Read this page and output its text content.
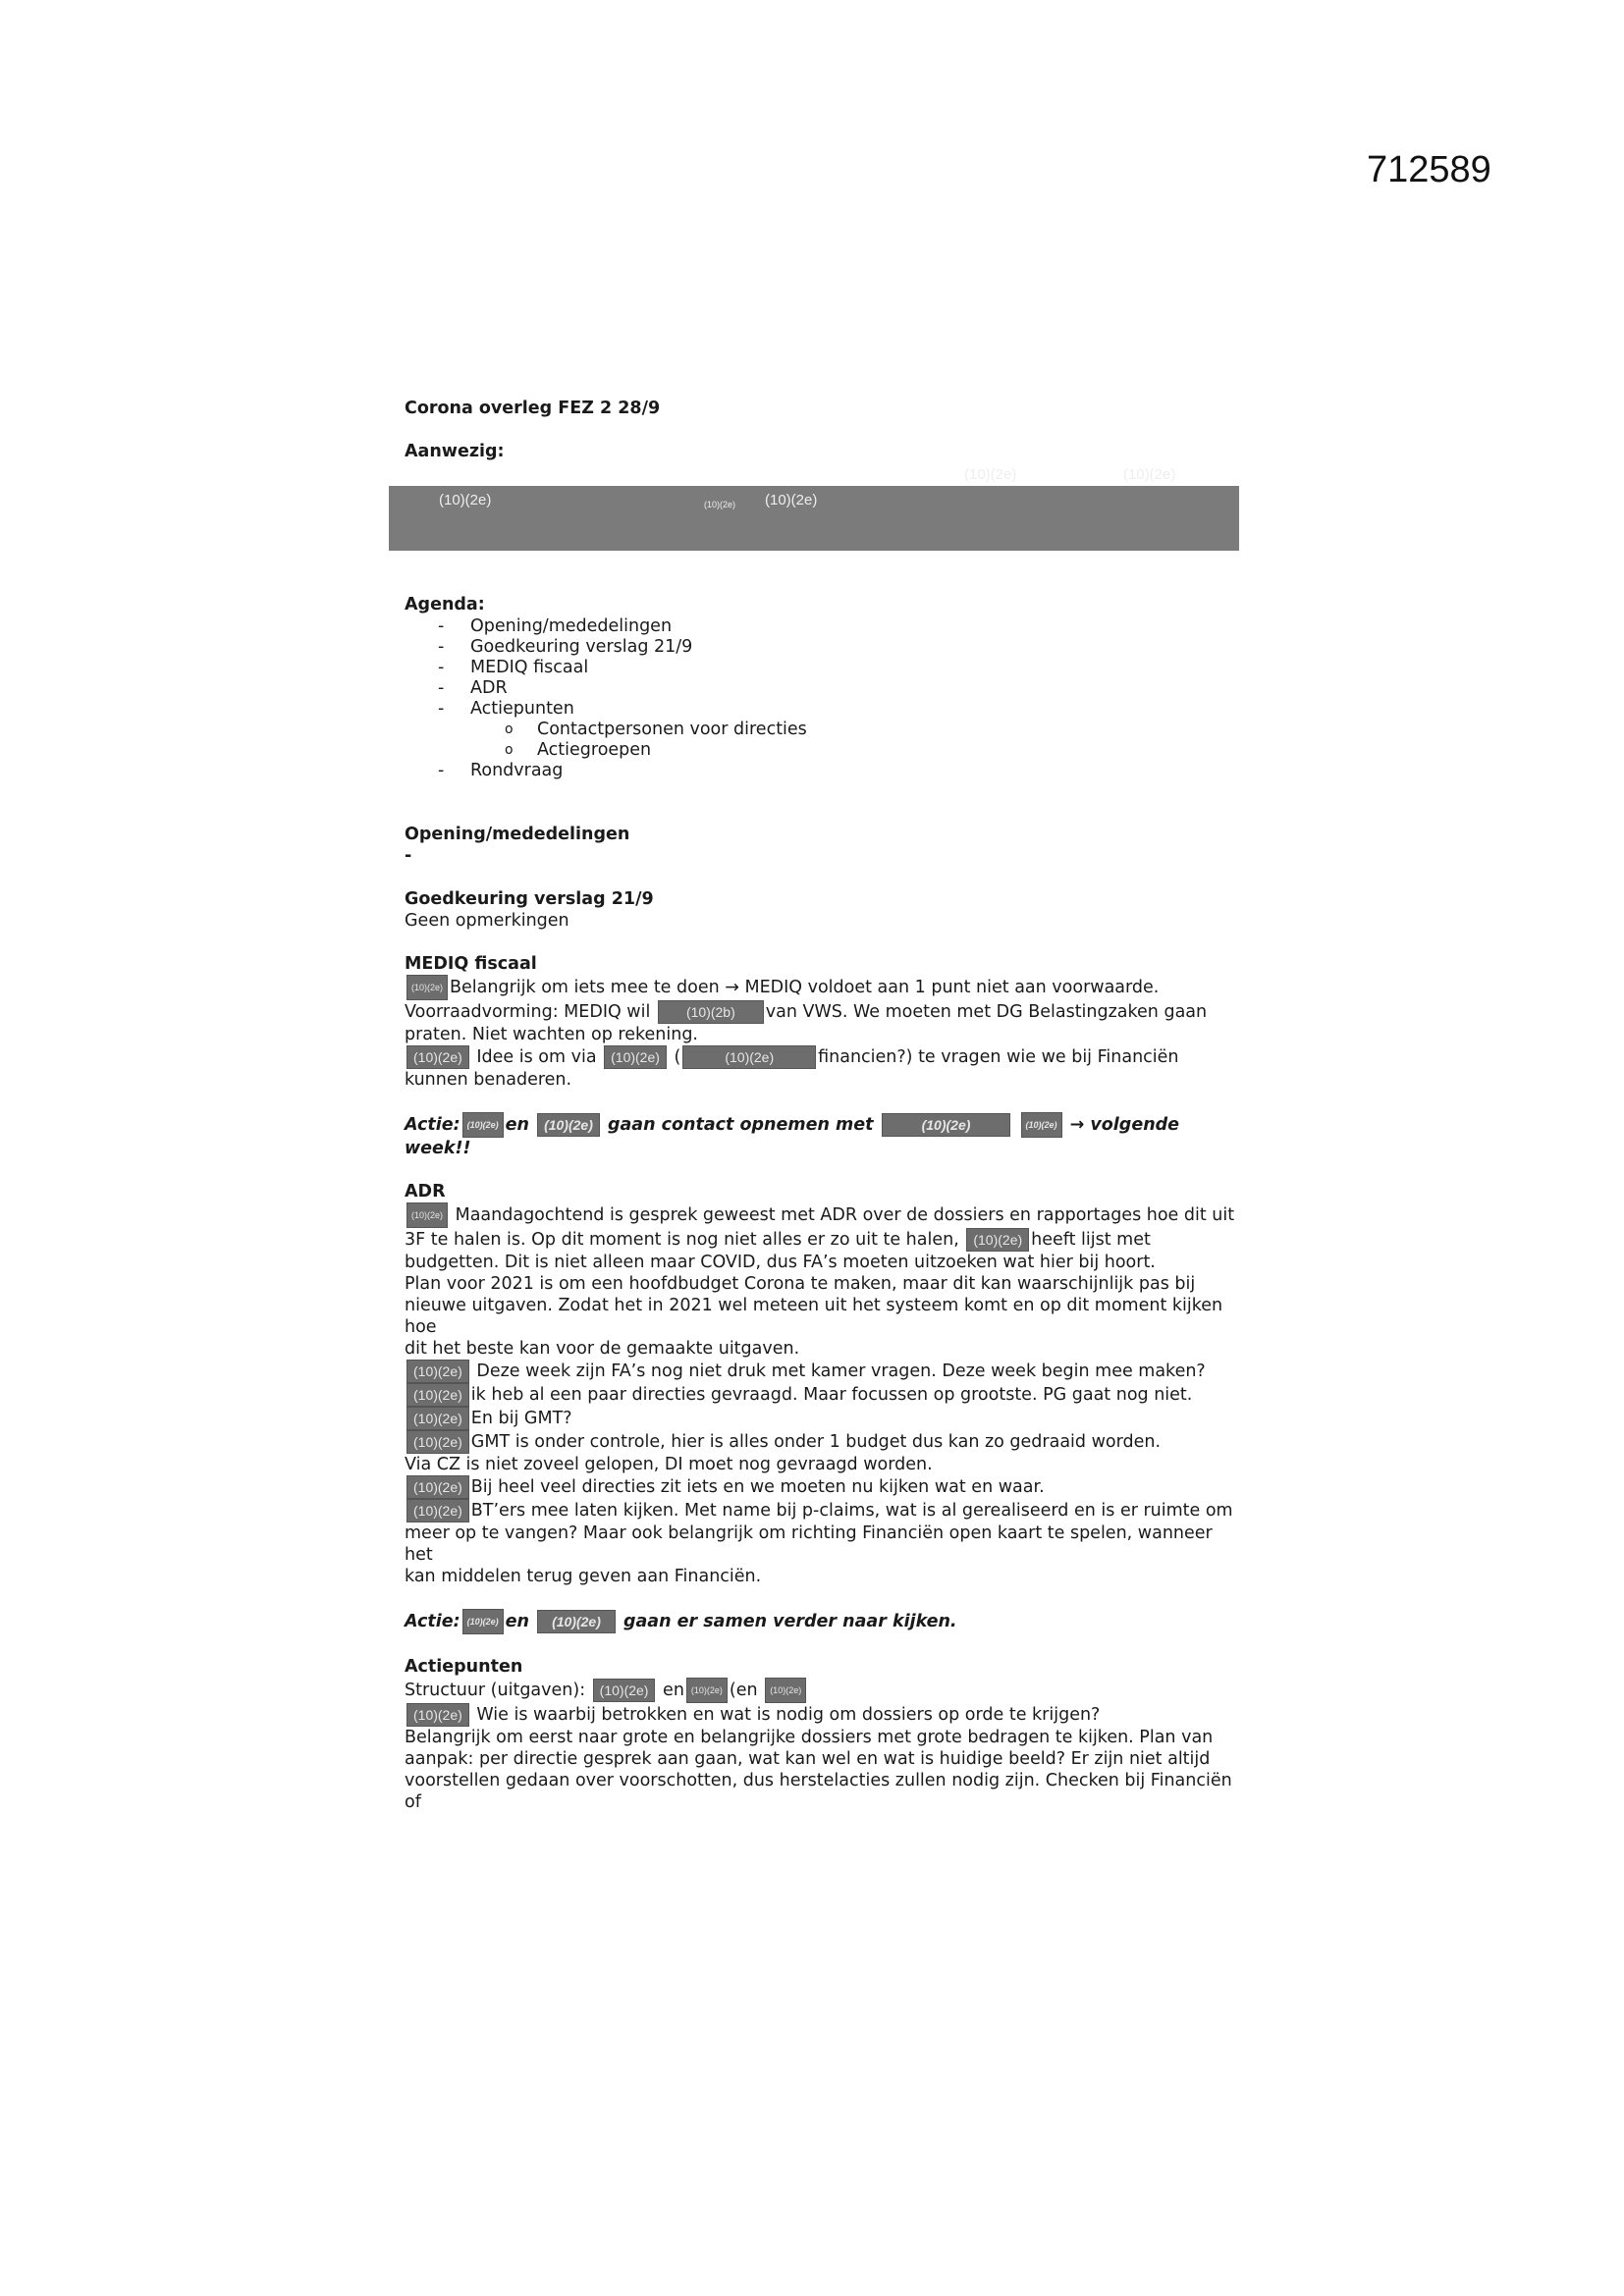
712589

Corona overleg FEZ 2 28/9

Aanwezig:

(10)(2e)	(10)(2e)
(10)(2e)	(10)(2e) (10)(2e)

Agenda:

- Opening/mededelingen
- Goedkeuring verslag 21/9
- MEDIQ fiscaal
- ADR
- Actiepunten
o Contactpersonen voor directies
o Actiegroepen
- Rondvraag

Opening/mededelingen

-

Goedkeuring verslag 21/9

Geen opmerkingen

MEDIQ fiscaal

(10)(2e) Belangrijk om iets mee te doen → MEDIQ voldoet aan 1 punt niet aan voorwaarde.

Voorraadvorming: MEDIQ wil	(10)(2b) van VWS. We moeten met DG Belastingzaken gaan

praten. Niet wachten op rekening.

(10)(2e) Idee is om via (10)(2e) (	(10)(2e)	financien?) te vragen wie we bij Financiën

kunnen benaderen.

Actie: (10)(2e) en (10)(2e) gaan contact opnemen met	(10)(2e)	(10)(2e) → volgende week!!

ADR

(10)(2e) Maandagochtend is gesprek geweest met ADR over de dossiers en rapportages hoe dit uit

3F te halen is. Op dit moment is nog niet alles er zo uit te halen, (10)(2e) heeft lijst met

budgetten. Dit is niet alleen maar COVID, dus FA’s moeten uitzoeken wat hier bij hoort.

Plan voor 2021 is om een hoofdbudget Corona te maken, maar dit kan waarschijnlijk pas bij

nieuwe uitgaven. Zodat het in 2021 wel meteen uit het systeem komt en op dit moment kijken hoe

dit het beste kan voor de gemaakte uitgaven.

(10)(2e) Deze week zijn FA’s nog niet druk met kamer vragen. Deze week begin mee maken?

(10)(2e) ik heb al een paar directies gevraagd. Maar focussen op grootste. PG gaat nog niet.

(10)(2e) En bij GMT?

(10)(2e) GMT is onder controle, hier is alles onder 1 budget dus kan zo gedraaid worden.

Via CZ is niet zoveel gelopen, DI moet nog gevraagd worden.

(10)(2e) Bij heel veel directies zit iets en we moeten nu kijken wat en waar.

(10)(2e) BT’ers mee laten kijken. Met name bij p-claims, wat is al gerealiseerd en is er ruimte om

meer op te vangen? Maar ook belangrijk om richting Financiën open kaart te spelen, wanneer het

kan middelen terug geven aan Financiën.

Actie: (10)(2e) en (10)(2e) gaan er samen verder naar kijken.

Actiepunten

Structuur (uitgaven): (10)(2e) en (10)(2e) (en (10)(2e)

(10)(2e) Wie is waarbij betrokken en wat is nodig om dossiers op orde te krijgen?

Belangrijk om eerst naar grote en belangrijke dossiers met grote bedragen te kijken. Plan van

aanpak: per directie gesprek aan gaan, wat kan wel en wat is huidige beeld? Er zijn niet altijd

voorstellen gedaan over voorschotten, dus herstelacties zullen nodig zijn. Checken bij Financiën of
